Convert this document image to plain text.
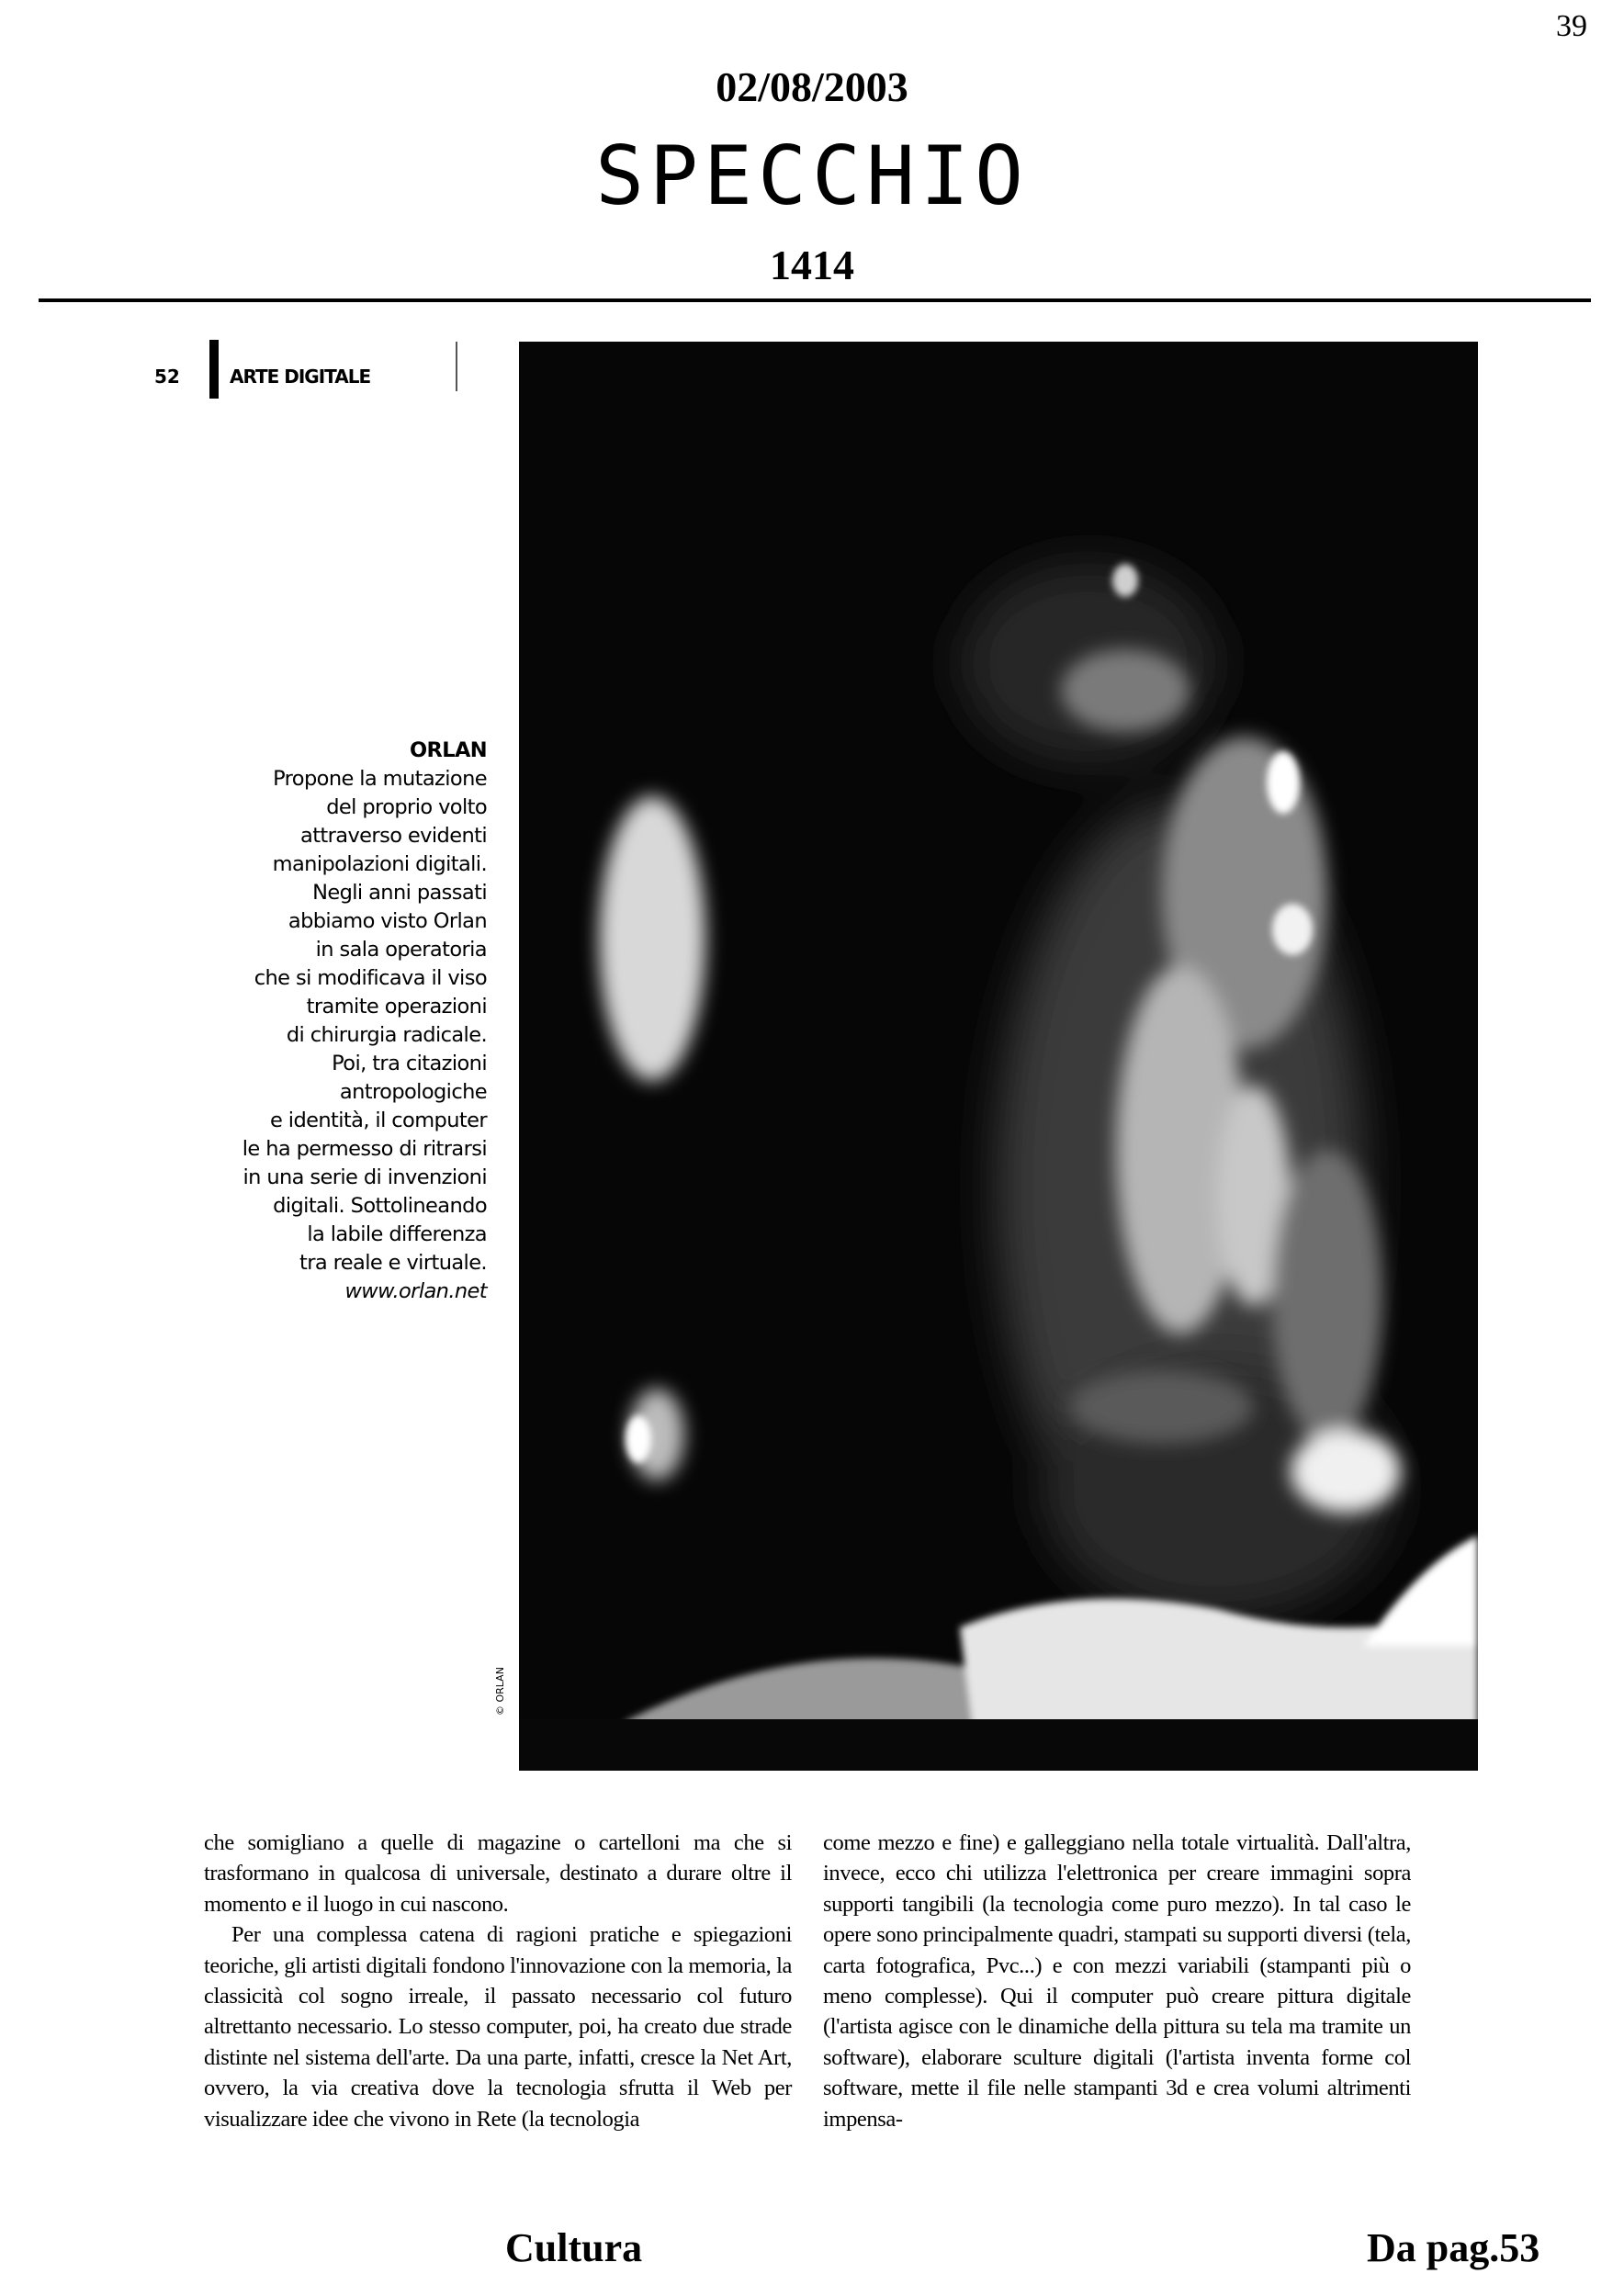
39
02/08/2003
SPECCHIO
1414
52	ARTE DIGITALE
ORLAN
Propone la mutazione
del proprio volto
attraverso evidenti
manipolazioni digitali.
Negli anni passati
abbiamo visto Orlan
in sala operatoria
che si modificava il viso
tramite operazioni
di chirurgia radicale.
Poi, tra citazioni
antropologiche
e identità, il computer
le ha permesso di ritrarsi
in una serie di invenzioni
digitali. Sottolineando
la labile differenza
tra reale e virtuale.
www.orlan.net
© ORLAN

che somigliano a quelle di magazine o cartelloni ma che si trasformano in qualcosa di universale, destinato a durare oltre il momento e il luogo in cui nascono.

Per una complessa catena di ragioni pratiche e spiegazioni teoriche, gli artisti digitali fondono l'innovazione con la memoria, la classicità col sogno irreale, il passato necessario col futuro altrettanto necessario. Lo stesso computer, poi, ha creato due strade distinte nel sistema dell'arte. Da una parte, infatti, cresce la Net Art, ovvero, la via creativa dove la tecnologia sfrutta il Web per visualizzare idee che vivono in Rete (la tecnologia

come mezzo e fine) e galleggiano nella totale virtualità. Dall'altra, invece, ecco chi utilizza l'elettronica per creare immagini sopra supporti tangibili (la tecnologia come puro mezzo). In tal caso le opere sono principalmente quadri, stampati su supporti diversi (tela, carta fotografica, Pvc...) e con mezzi variabili (stampanti più o meno complesse). Qui il computer può creare pittura digitale (l'artista agisce con le dinamiche della pittura su tela ma tramite un software), elaborare sculture digitali (l'artista inventa forme col software, mette il file nelle stampanti 3d e crea volumi altrimenti impensa-

Cultura	Da pag.53
